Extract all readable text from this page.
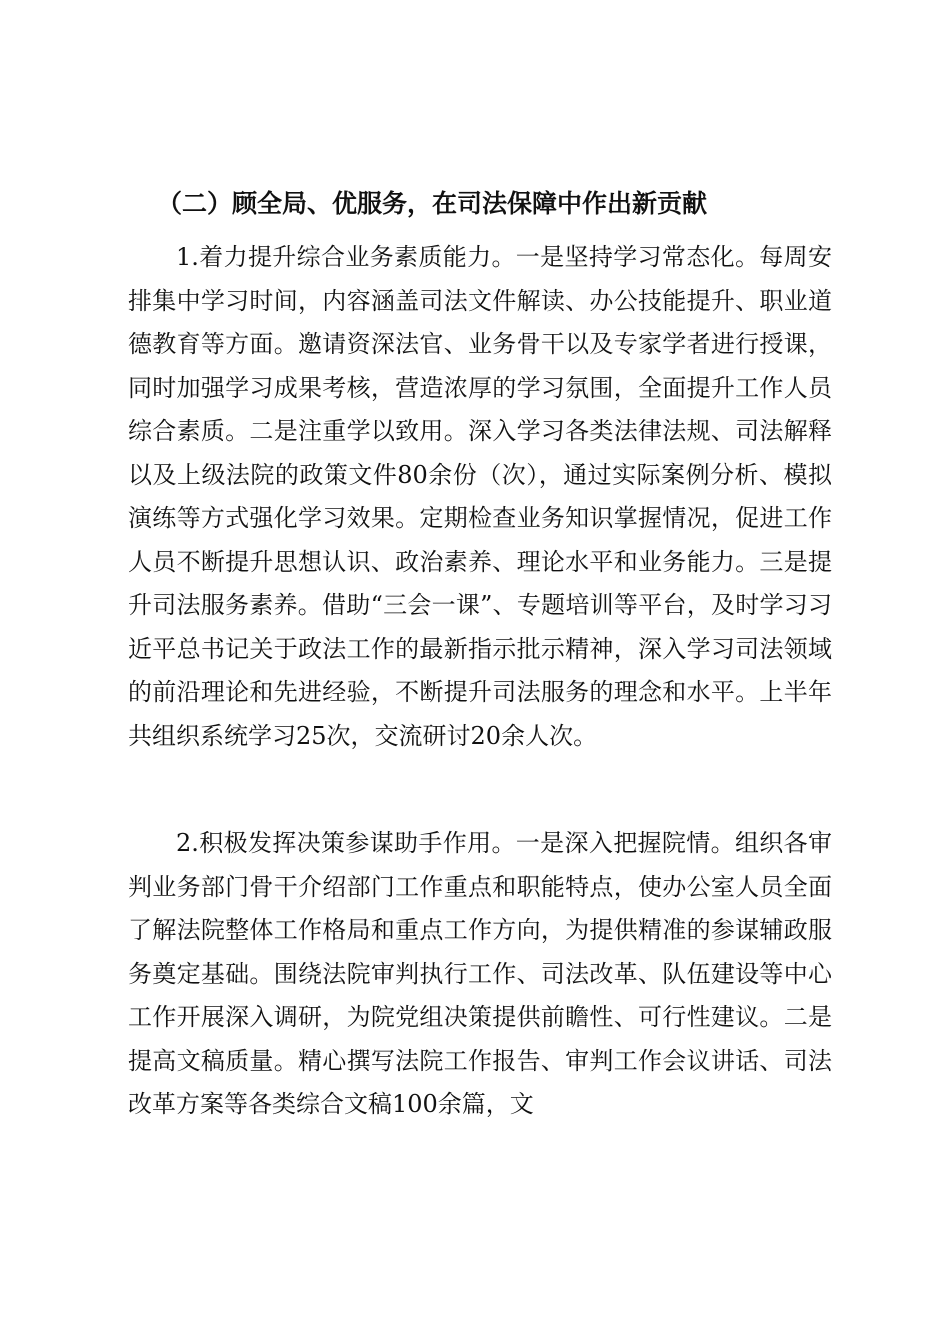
（二）顾全局、优服务，在司法保障中作出新贡献

1.着力提升综合业务素质能力。一是坚持学习常态化。每周安排集中学习时间，内容涵盖司法文件解读、办公技能提升、职业道德教育等方面。邀请资深法官、业务骨干以及专家学者进行授课，同时加强学习成果考核，营造浓厚的学习氛围，全面提升工作人员综合素质。二是注重学以致用。深入学习各类法律法规、司法解释以及上级法院的政策文件80余份（次），通过实际案例分析、模拟演练等方式强化学习效果。定期检查业务知识掌握情况，促进工作人员不断提升思想认识、政治素养、理论水平和业务能力。三是提升司法服务素养。借助“三会一课”、专题培训等平台，及时学习习近平总书记关于政法工作的最新指示批示精神，深入学习司法领域的前沿理论和先进经验，不断提升司法服务的理念和水平。上半年共组织系统学习25次，交流研讨20余人次。

2.积极发挥决策参谋助手作用。一是深入把握院情。组织各审判业务部门骨干介绍部门工作重点和职能特点，使办公室人员全面了解法院整体工作格局和重点工作方向，为提供精准的参谋辅政服务奠定基础。围绕法院审判执行工作、司法改革、队伍建设等中心工作开展深入调研，为院党组决策提供前瞻性、可行性建议。二是提高文稿质量。精心撰写法院工作报告、审判工作会议讲话、司法改革方案等各类综合文稿100余篇，文
